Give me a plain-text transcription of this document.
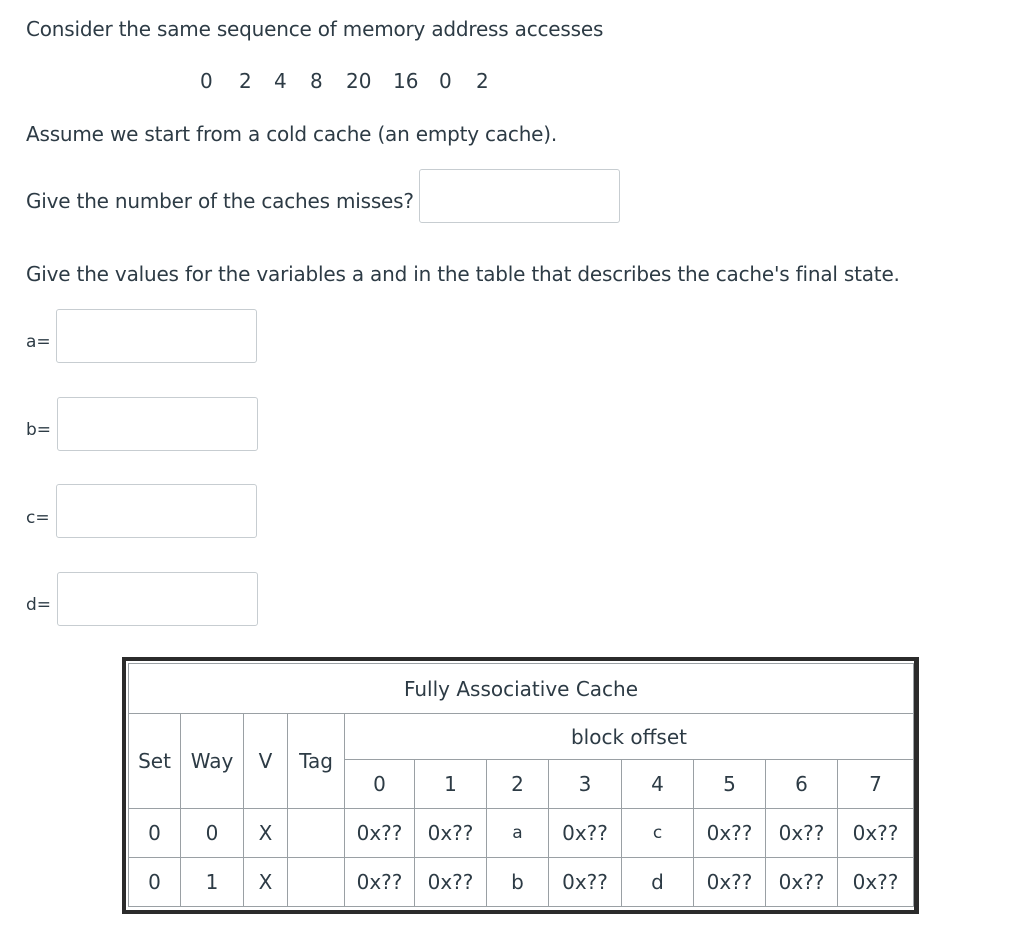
Consider the same sequence of memory address accesses
0	2	4	8	20	16	0	2
Assume we start from a cold cache (an empty cache).
Give the number of the caches misses?
Give the values for the variables a and in the table that describes the cache's final state.
a=
b=
c=
d=
Fully Associative Cache											
Set	Way	V	Tag	block offset							
				0	1	2	3	4	5	6	7
0	0	X		0x??	0x??	a	0x??	c	0x??	0x??	0x??
0	1	X		0x??	0x??	b	0x??	d	0x??	0x??	0x??
